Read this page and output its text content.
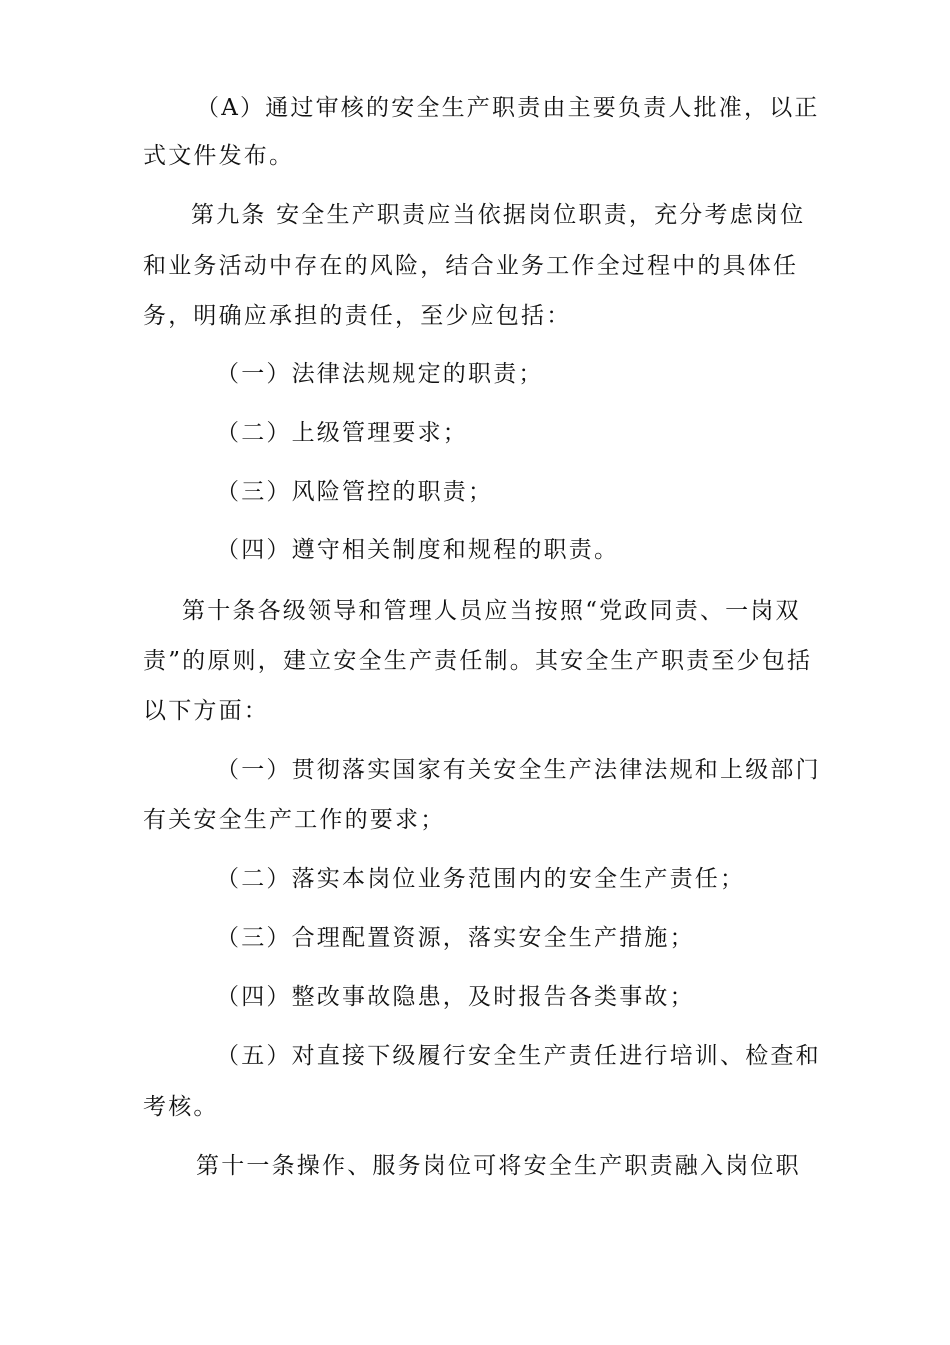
（A）通过审核的安全生产职责由主要负责人批准，以正
式文件发布。
第九条 安全生产职责应当依据岗位职责，充分考虑岗位
和业务活动中存在的风险，结合业务工作全过程中的具体任
务，明确应承担的责任，至少应包括：
（一）法律法规规定的职责；
（二）上级管理要求；
（三）风险管控的职责；
（四）遵守相关制度和规程的职责。
第十条各级领导和管理人员应当按照“党政同责、一岗双
责”的原则，建立安全生产责任制。其安全生产职责至少包括
以下方面：
（一）贯彻落实国家有关安全生产法律法规和上级部门
有关安全生产工作的要求；
（二）落实本岗位业务范围内的安全生产责任；
（三）合理配置资源，落实安全生产措施；
（四）整改事故隐患，及时报告各类事故；
（五）对直接下级履行安全生产责任进行培训、检查和
考核。
第十一条操作、服务岗位可将安全生产职责融入岗位职
